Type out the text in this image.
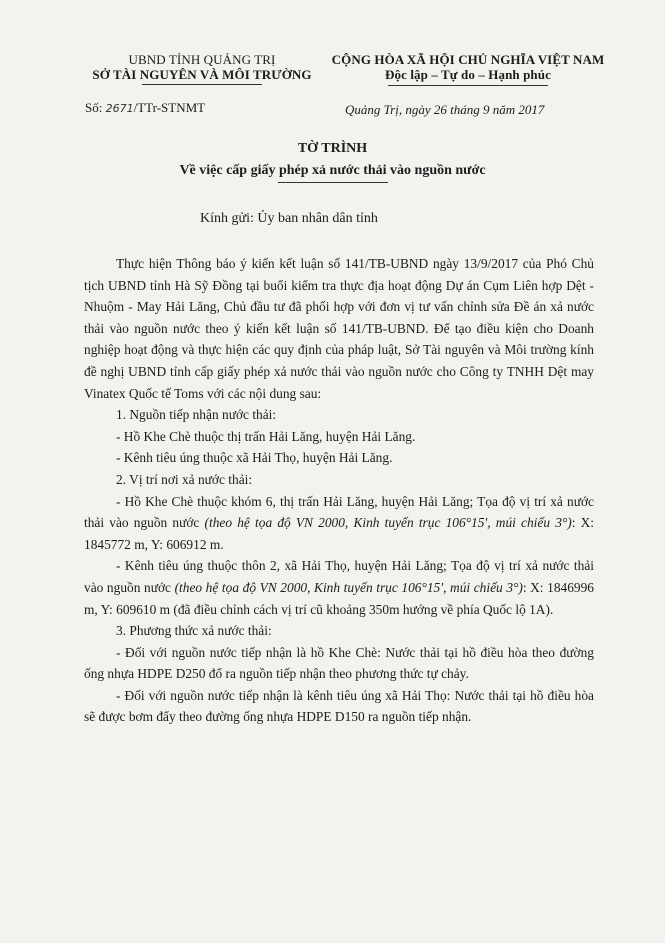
UBND TỈNH QUẢNG TRỊ
SỞ TÀI NGUYÊN VÀ MÔI TRƯỜNG
CỘNG HÒA XÃ HỘI CHỦ NGHĨA VIỆT NAM
Độc lập – Tự do – Hạnh phúc
Số: 2671/TTr-STNMT	Quảng Trị, ngày 26 tháng 9 năm 2017
TỜ TRÌNH
Về việc cấp giấy phép xả nước thải vào nguồn nước
Kính gửi: Ủy ban nhân dân tỉnh

Thực hiện Thông báo ý kiến kết luận số 141/TB-UBND ngày 13/9/2017 của Phó Chủ tịch UBND tỉnh Hà Sỹ Đồng tại buổi kiểm tra thực địa hoạt động Dự án Cụm Liên hợp Dệt - Nhuộm - May Hải Lăng, Chủ đầu tư đã phối hợp với đơn vị tư vấn chỉnh sửa Đề án xả nước thải vào nguồn nước theo ý kiến kết luận số 141/TB-UBND. Để tạo điều kiện cho Doanh nghiệp hoạt động và thực hiện các quy định của pháp luật, Sở Tài nguyên và Môi trường kính đề nghị UBND tỉnh cấp giấy phép xả nước thải vào nguồn nước cho Công ty TNHH Dệt may Vinatex Quốc tế Toms với các nội dung sau:

1. Nguồn tiếp nhận nước thải:

- Hồ Khe Chè thuộc thị trấn Hải Lăng, huyện Hải Lăng.

- Kênh tiêu úng thuộc xã Hải Thọ, huyện Hải Lăng.

2. Vị trí nơi xả nước thải:

- Hồ Khe Chè thuộc khóm 6, thị trấn Hải Lăng, huyện Hải Lăng; Tọa độ vị trí xả nước thải vào nguồn nước (theo hệ tọa độ VN 2000, Kinh tuyến trục 106°15', múi chiếu 3°): X: 1845772 m, Y: 606912 m.

- Kênh tiêu úng thuộc thôn 2, xã Hải Thọ, huyện Hải Lăng; Tọa độ vị trí xả nước thải vào nguồn nước (theo hệ tọa độ VN 2000, Kinh tuyến trục 106°15', múi chiếu 3°): X: 1846996 m, Y: 609610 m (đã điều chỉnh cách vị trí cũ khoảng 350m hướng về phía Quốc lộ 1A).

3. Phương thức xả nước thải:

- Đối với nguồn nước tiếp nhận là hồ Khe Chè: Nước thải tại hồ điều hòa theo đường ống nhựa HDPE D250 đổ ra nguồn tiếp nhận theo phương thức tự chảy.

- Đối với nguồn nước tiếp nhận là kênh tiêu úng xã Hải Thọ: Nước thải tại hồ điều hòa sẽ được bơm đẩy theo đường ống nhựa HDPE D150 ra nguồn tiếp nhận.
